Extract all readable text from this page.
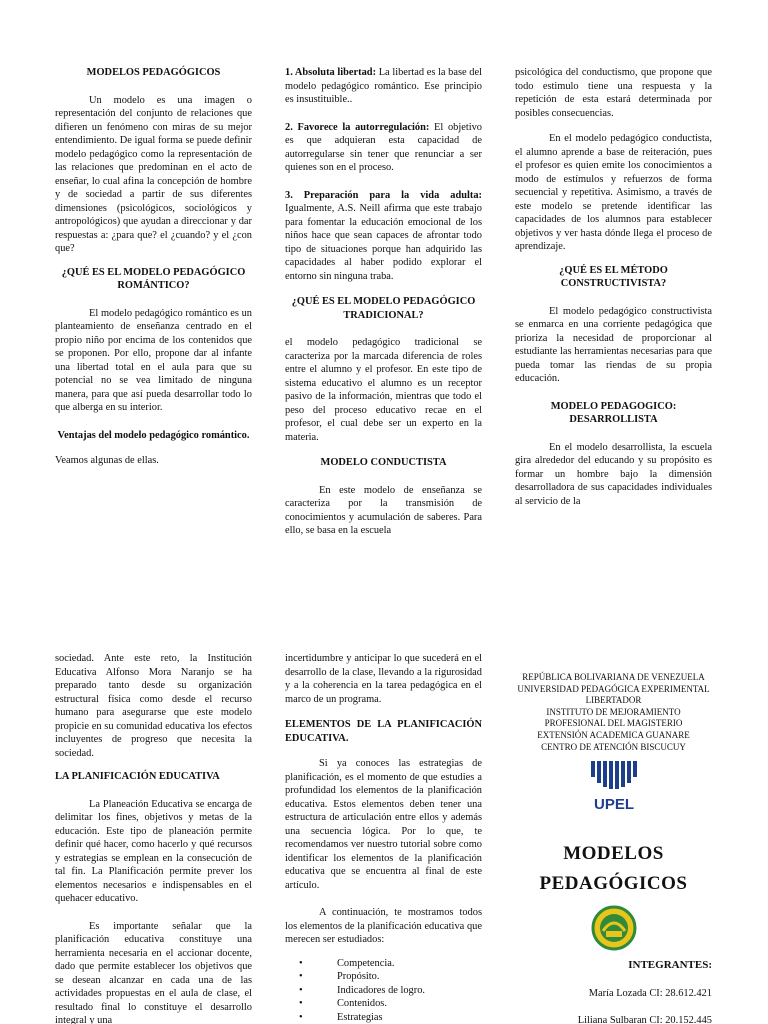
MODELOS PEDAGÓGICOS

Un modelo es una imagen o representación del conjunto de relaciones que difieren un fenómeno con miras de su mejor entendimiento. De igual forma se puede definir modelo pedagógico como la representación de las relaciones que predominan en el acto de enseñar, lo cual afina la concepción de hombre y de sociedad a partir de sus diferentes dimensiones (psicológicos, sociológicos y antropológicos) que ayudan a direccionar y dar respuestas a: ¿para que? el ¿cuando? y el ¿con que?

¿QUÉ ES EL MODELO PEDAGÓGICO ROMÁNTICO?

El modelo pedagógico romántico es un planteamiento de enseñanza centrado en el propio niño por encima de los contenidos que se proponen. Por ello, propone dar al infante una libertad total en el aula para que su potencial no se vea limitado de ninguna manera, para que así pueda desarrollar todo lo que alberga en su interior.

Ventajas del modelo pedagógico romántico.

Veamos algunas de ellas.

1. Absoluta libertad: La libertad es la base del modelo pedagógico romántico. Ese principio es insustituible..

2. Favorece la autorregulación: El objetivo es que adquieran esta capacidad de autorregularse sin tener que renunciar a ser quienes son en el proceso.

3. Preparación para la vida adulta: Igualmente, A.S. Neill afirma que este trabajo para fomentar la educación emocional de los niños hace que sean capaces de afrontar todo tipo de situaciones porque han adquirido las capacidades al haber podido explorar el entorno sin ninguna traba.

¿QUÉ ES EL MODELO PEDAGÓGICO TRADICIONAL?

el modelo pedagógico tradicional se caracteriza por la marcada diferencia de roles entre el alumno y el profesor. En este tipo de sistema educativo el alumno es un receptor pasivo de la información, mientras que todo el peso del proceso educativo recae en el profesor, el cual debe ser un experto en la materia.

MODELO CONDUCTISTA

En este modelo de enseñanza se caracteriza por la transmisión de conocimientos y acumulación de saberes. Para ello, se basa en la escuela

psicológica del conductismo, que propone que todo estimulo tiene una respuesta y la repetición de esta estará determinada por posibles consecuencias.

En el modelo pedagógico conductista, el alumno aprende a base de reiteración, pues el profesor es quien emite los conocimientos a modo de estímulos y refuerzos de forma secuencial y repetitiva. Asimismo, a través de este modelo se pretende identificar las capacidades de los alumnos para establecer objetivos y ver hasta dónde llega el proceso de aprendizaje.

¿QUÉ ES EL MÉTODO CONSTRUCTIVISTA?

El modelo pedagógico constructivista se enmarca en una corriente pedagógica que prioriza la necesidad de proporcionar al estudiante las herramientas necesarias para que pueda tomar las riendas de su propia educación.

MODELO PEDAGOGICO: DESARROLLISTA

En el modelo desarrollista, la escuela gira alrededor del educando y su propósito es formar un hombre bajo la dimensión desarrolladora de sus capacidades individuales al servicio de la

sociedad. Ante este reto, la Institución Educativa Alfonso Mora Naranjo se ha preparado tanto desde su organización estructural física como desde el recurso humano para asegurarse que este modelo propicie en su comunidad educativa los efectos incluyentes de progreso que necesita la sociedad.

LA PLANIFICACIÓN EDUCATIVA

La Planeación Educativa se encarga de delimitar los fines, objetivos y metas de la educación. Este tipo de planeación permite definir qué hacer, como hacerlo y qué recursos y estrategias se emplean en la consecución de tal fin. La Planificación permite prever los elementos necesarios e indispensables en el quehacer educativo.

Es importante señalar que la planificación educativa constituye una herramienta necesaria en el accionar docente, dado que permite establecer los objetivos que se desean alcanzar en cada una de las actividades propuestas en el aula de clase, el resultado final lo constituye el desarrollo integral y una

incertidumbre y anticipar lo que sucederá en el desarrollo de la clase, llevando a la rigurosidad y a la coherencia en la tarea pedagógica en el marco de un programa.

ELEMENTOS DE LA PLANIFICACIÓN EDUCATIVA.

Si ya conoces las estrategias de planificación, es el momento de que estudies a profundidad los elementos de la planificación educativa. Estos elementos deben tener una estructura de articulación entre ellos y además una secuencia lógica. Por lo que, te recomendamos ver nuestro tutorial sobre como identificar los elementos de la planificación educativa que se encuentra al final de este artículo.

A continuación, te mostramos todos los elementos de la planificación educativa que merecen ser estudiados:

• Competencia.
• Propósito.
• Indicadores de logro.
• Contenidos.
• Estrategias
REPÚBLICA BOLIVARIANA DE VENEZUELA
UNIVERSIDAD PEDAGÓGICA EXPERIMENTAL LIBERTADOR
INSTITUTO DE MEJORAMIENTO PROFESIONAL DEL MAGISTERIO
EXTENSIÓN ACADEMICA GUANARE
CENTRO DE ATENCIÓN BISCUCUY
UPEL
MODELOS
PEDAGÓGICOS

INTEGRANTES:

María Lozada CI: 28.612.421

Liliana Sulbaran CI: 20.152.445
